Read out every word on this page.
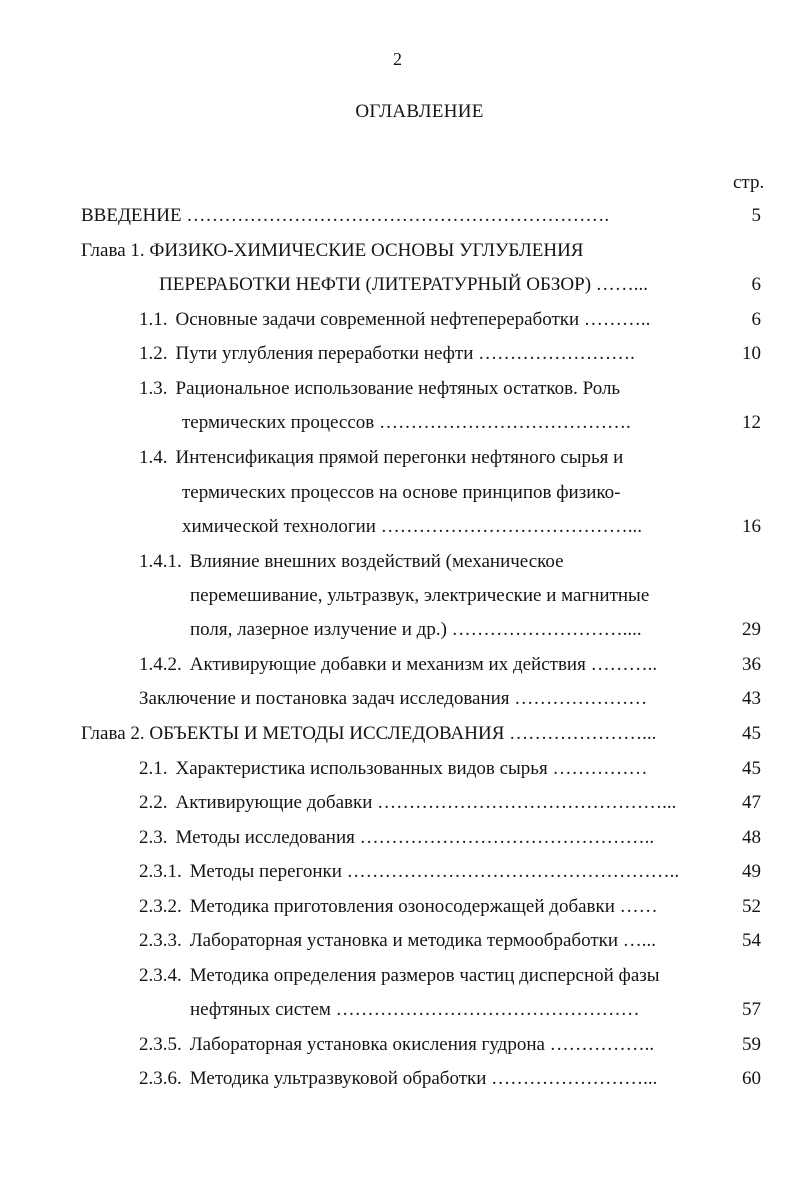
2
ОГЛАВЛЕНИЕ
стр.
ВВЕДЕНИЕ ………………………………………………………….	5
Глава 1. ФИЗИКО-ХИМИЧЕСКИЕ ОСНОВЫ УГЛУБЛЕНИЯ
ПЕРЕРАБОТКИ НЕФТИ (ЛИТЕРАТУРНЫЙ ОБЗОР) ……...	6
1.1. Основные задачи современной нефтепереработки ………..	6
1.2. Пути углубления переработки нефти …………………….	10
1.3. Рациональное использование нефтяных остатков. Роль
термических процессов ………………………………….	12
1.4. Интенсификация прямой перегонки нефтяного сырья и
термических процессов на основе принципов физико-
химической технологии …………………………………...	16
1.4.1. Влияние внешних воздействий (механическое
перемешивание, ультразвук, электрические и магнитные
поля, лазерное излучение и др.) ………………………....	29
1.4.2. Активирующие добавки и механизм их действия ………..	36
Заключение и постановка задач исследования …………………	43
Глава 2. ОБЪЕКТЫ И МЕТОДЫ ИССЛЕДОВАНИЯ …………………...	45
2.1. Характеристика использованных видов сырья ……………	45
2.2. Активирующие добавки ………………………………………...	47
2.3. Методы исследования ………………………………………..	48
2.3.1. Методы перегонки ……………………………………………..	49
2.3.2. Методика приготовления озоносодержащей добавки ……	52
2.3.3. Лабораторная установка и методика термообработки …...	54
2.3.4. Методика определения размеров частиц дисперсной фазы
нефтяных систем …………………………………………	57
2.3.5. Лабораторная установка окисления гудрона ……………..	59
2.3.6. Методика ультразвуковой обработки ……………………...	60
